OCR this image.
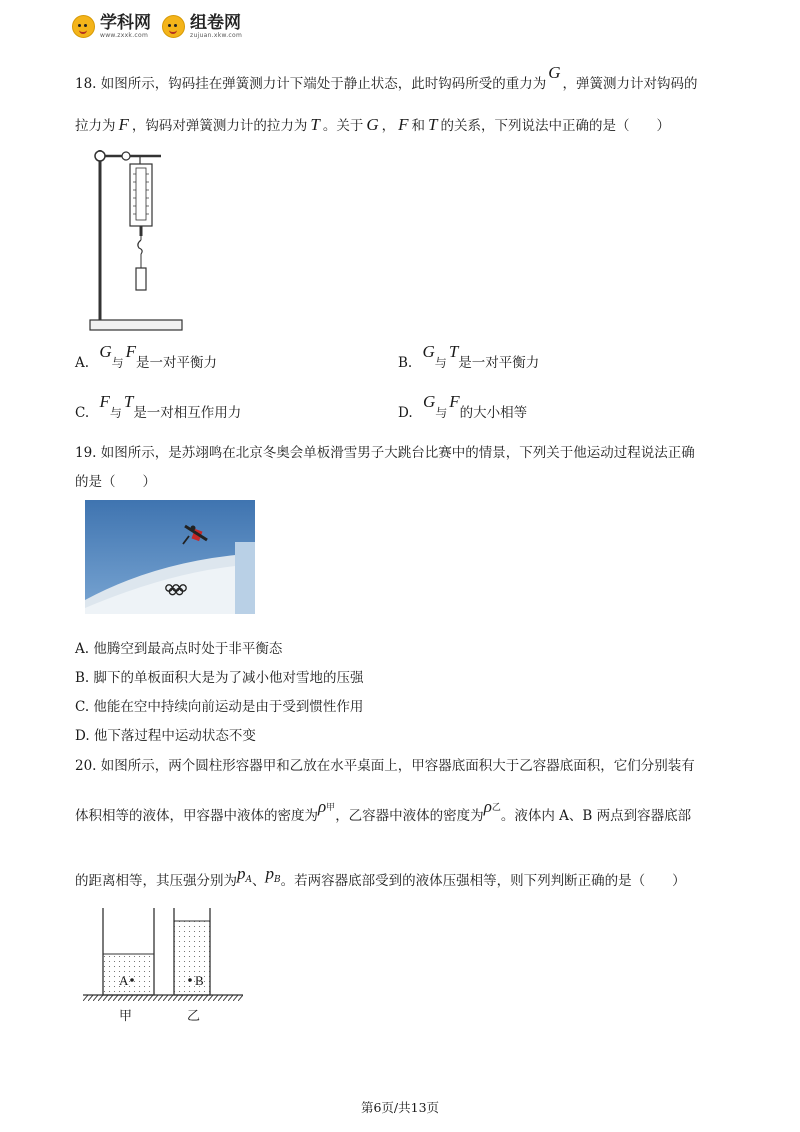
学科网
www.zxxk.com
组卷网
zujuan.xkw.com
18. 如图所示，钩码挂在弹簧测力计下端处于静止状态，此时钩码所受的重力为G，弹簧测力计对钩码的
拉力为 F ，钩码对弹簧测力计的拉力为 T 。关于 G ， F 和 T 的关系，下列说法中正确的是（　　）
A. G与F是一对平衡力	B. G与T是一对平衡力
C. F与T是一对相互作用力	D. G与F的大小相等
19. 如图所示，是苏翊鸣在北京冬奥会单板滑雪男子大跳台比赛中的情景，下列关于他运动过程说法正确
的是（　　）
A. 他腾空到最高点时处于非平衡态
B. 脚下的单板面积大是为了减小他对雪地的压强
C. 他能在空中持续向前运动是由于受到惯性作用
D. 他下落过程中运动状态不变
20. 如图所示，两个圆柱形容器甲和乙放在水平桌面上，甲容器底面积大于乙容器底面积，它们分别装有
体积相等的液体，甲容器中液体的密度为$\rho^甲$，乙容器中液体的密度为$\rho^乙$。液体内 A、B 两点到容器底部
的距离相等，其压强分别为$p^A$、$p^B$。若两容器底部受到的液体压强相等，则下列判断正确的是（　　）
A	B
甲	乙
第6页/共13页
